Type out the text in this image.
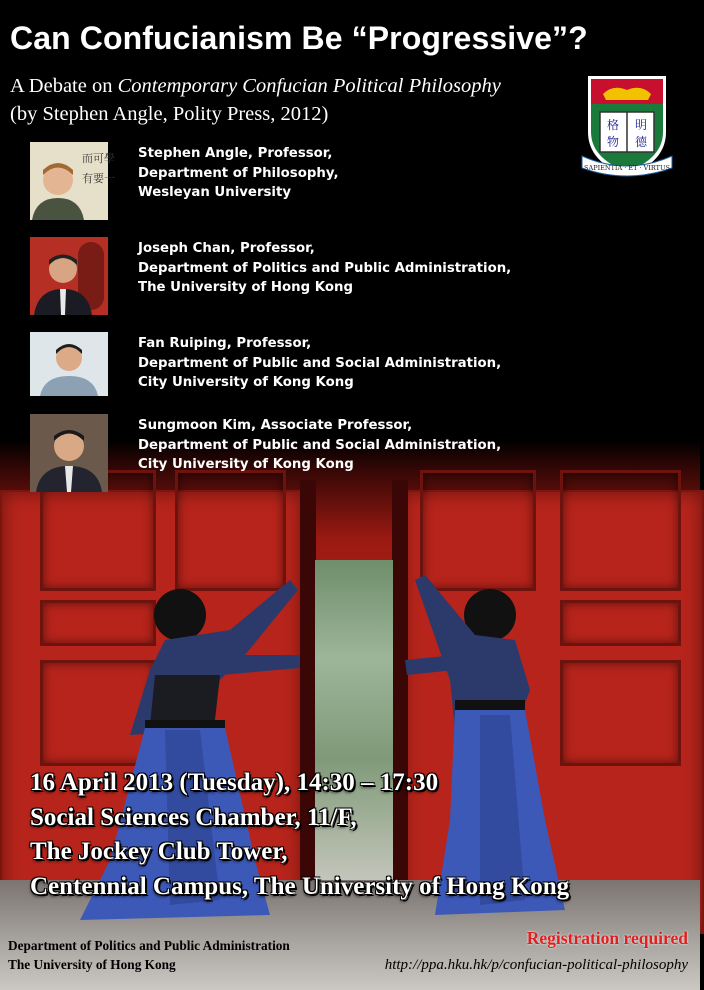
Can Confucianism Be “Progressive”?
A Debate on Contemporary Confucian Political Philosophy
(by Stephen Angle, Polity Press, 2012)	格
物
明
德
SAPIENTIA · ET · VIRTUS
而可學
有要一
Stephen Angle, Professor,
Department of Philosophy,
Wesleyan University
Joseph Chan, Professor,
Department of Politics and Public Administration,
The University of Hong Kong
Fan Ruiping, Professor,
Department of Public and Social Administration,
City University of Kong Kong
Sungmoon Kim, Associate Professor,
Department of Public and Social Administration,
City University of Kong Kong
16 April 2013 (Tuesday), 14:30 – 17:30
Social Sciences Chamber, 11/F,
The Jockey Club Tower,
Centennial Campus, The University of Hong Kong
Department of Politics and Public Administration
The University of Hong Kong
Registration required
http://ppa.hku.hk/p/confucian-political-philosophy
